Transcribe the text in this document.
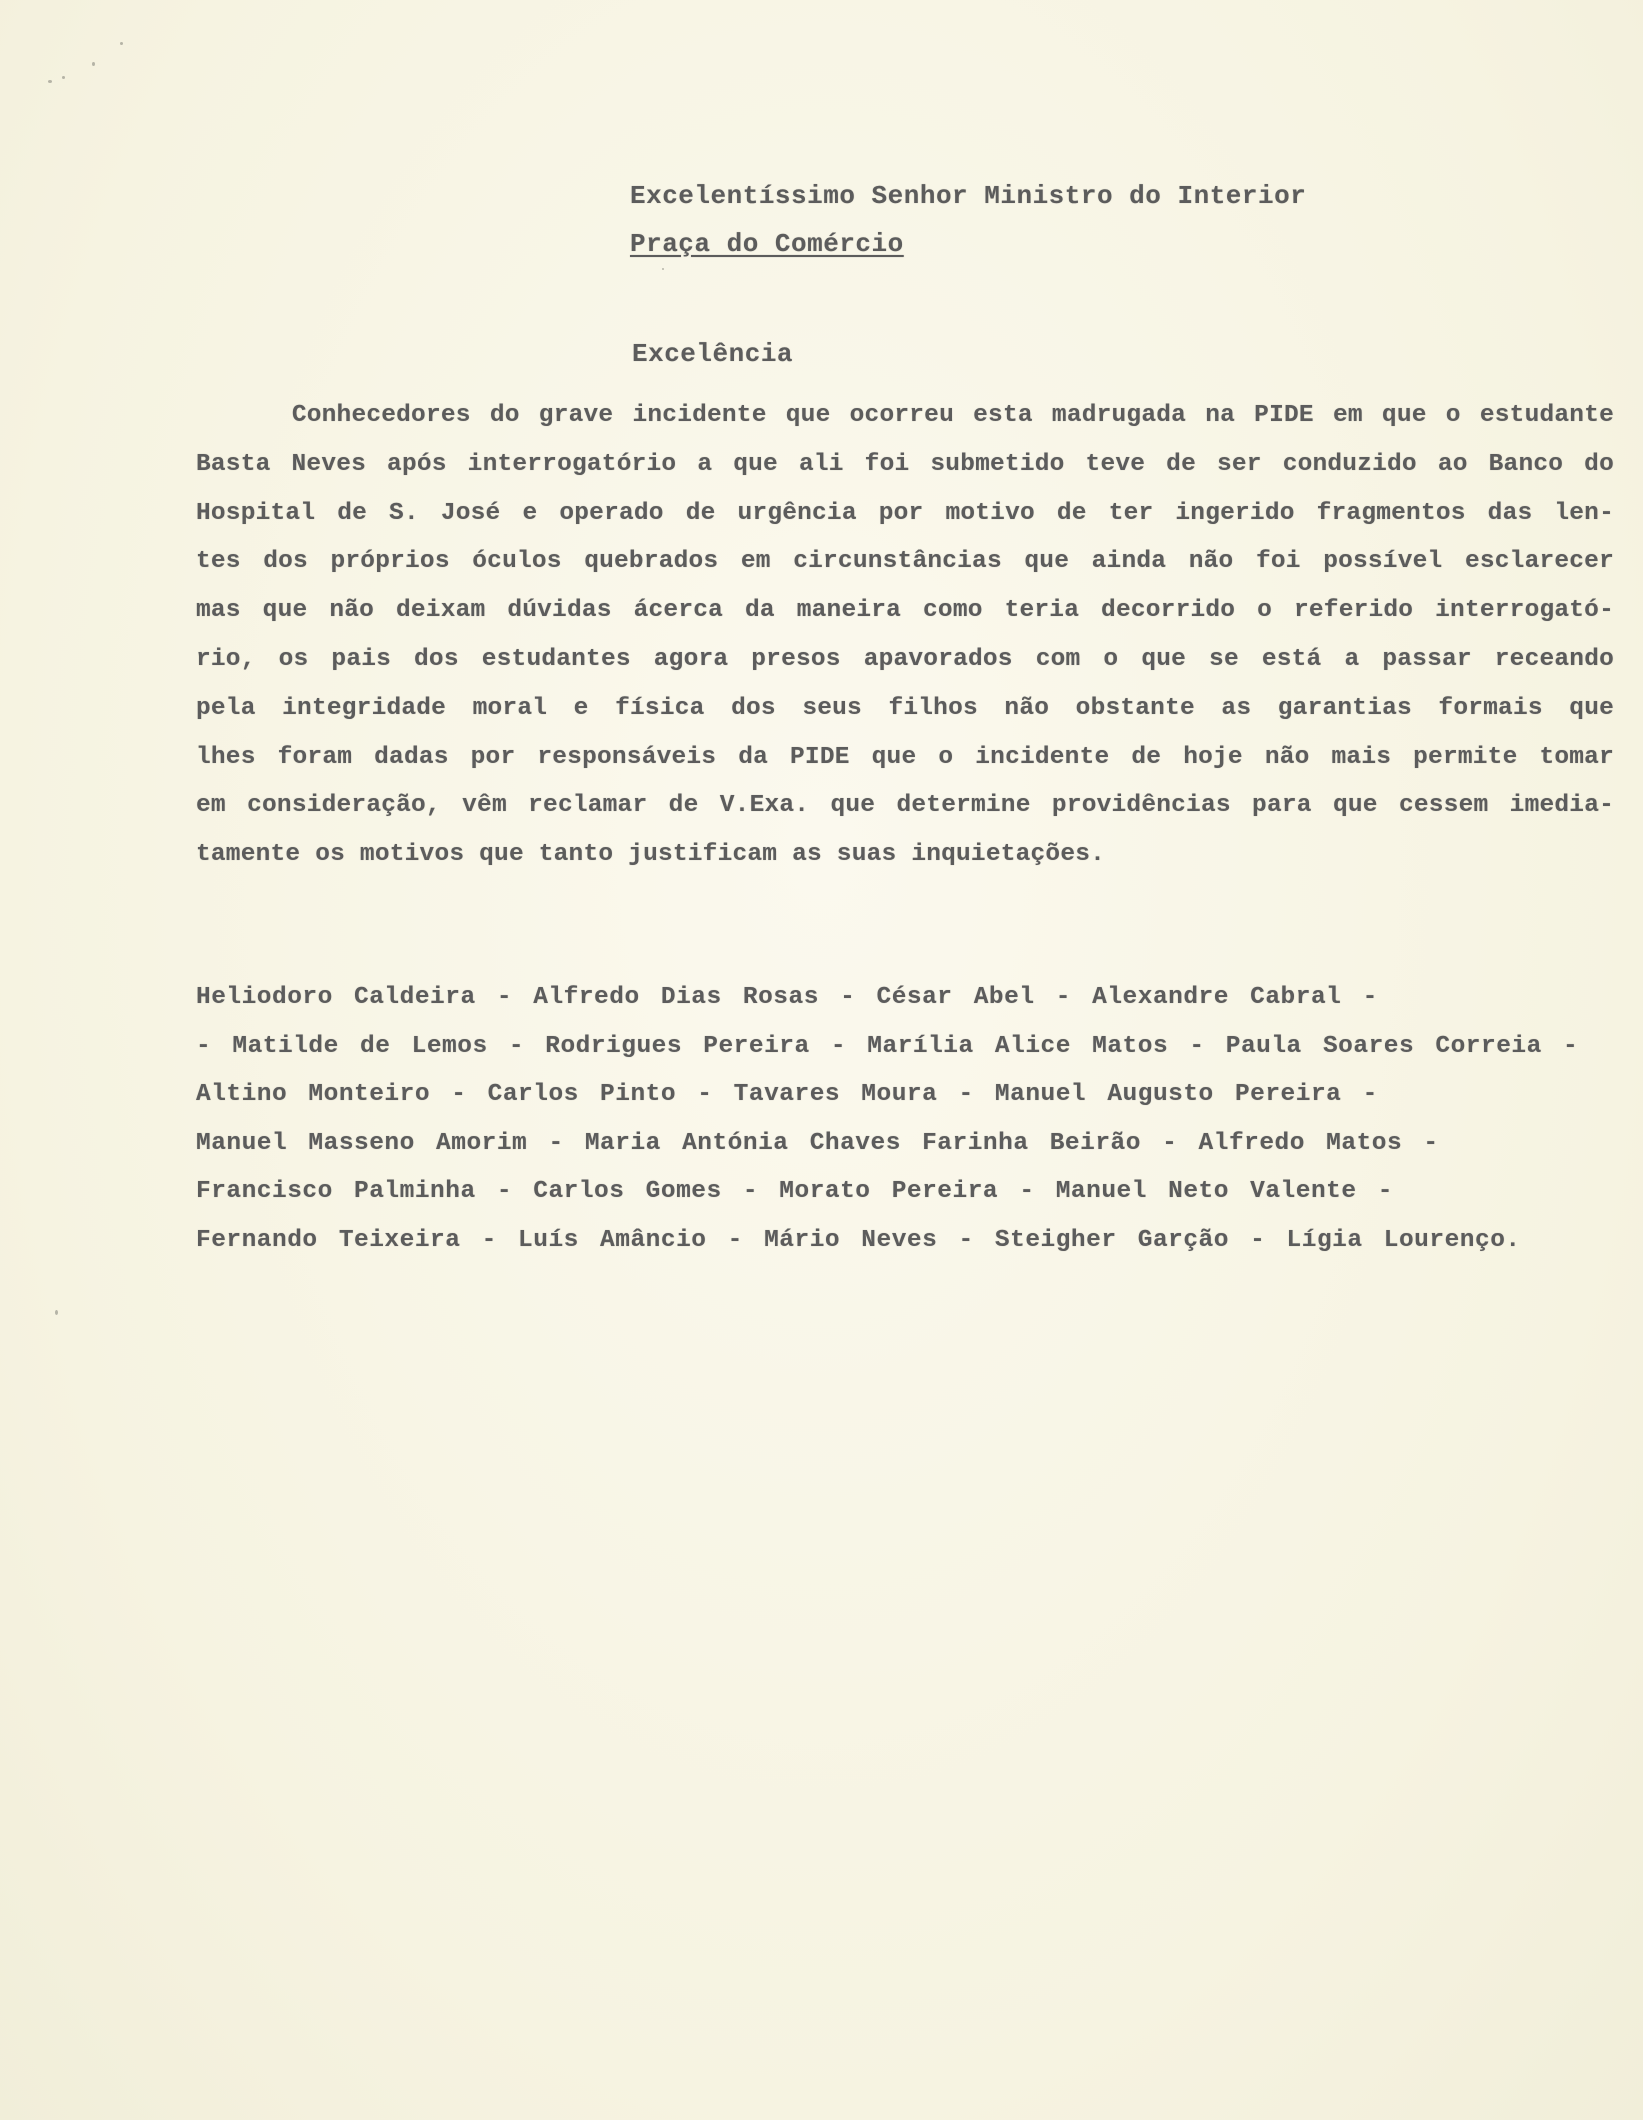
Excelentíssimo Senhor Ministro do Interior
Praça do Comércio
Excelência
Conhecedores do grave incidente que ocorreu esta madrugada na PIDE em que o estudante
Basta Neves após interrogatório a que ali foi submetido teve de ser conduzido ao Banco do
Hospital de S. José e operado de urgência por motivo de ter ingerido fragmentos das len-
tes dos próprios óculos quebrados em circunstâncias que ainda não foi possível esclarecer
mas que não deixam dúvidas ácerca da maneira como teria decorrido o referido interrogató-
rio, os pais dos estudantes agora presos apavorados com o que se está a passar receando
pela integridade moral e física dos seus filhos não obstante as garantias formais que
lhes foram dadas por responsáveis da PIDE que o incidente de hoje não mais permite tomar
em consideração, vêm reclamar de V.Exa. que determine providências para que cessem imedia-
tamente os motivos que tanto justificam as suas inquietações.
Heliodoro Caldeira - Alfredo Dias Rosas - César Abel - Alexandre Cabral -
- Matilde de Lemos - Rodrigues Pereira - Marília Alice Matos - Paula Soares Correia -
Altino Monteiro - Carlos Pinto - Tavares Moura - Manuel Augusto Pereira -
Manuel Masseno Amorim - Maria Antónia Chaves Farinha Beirão - Alfredo Matos -
Francisco Palminha - Carlos Gomes - Morato Pereira - Manuel Neto Valente -
Fernando Teixeira - Luís Amâncio - Mário Neves - Steigher Garção - Lígia Lourenço.
